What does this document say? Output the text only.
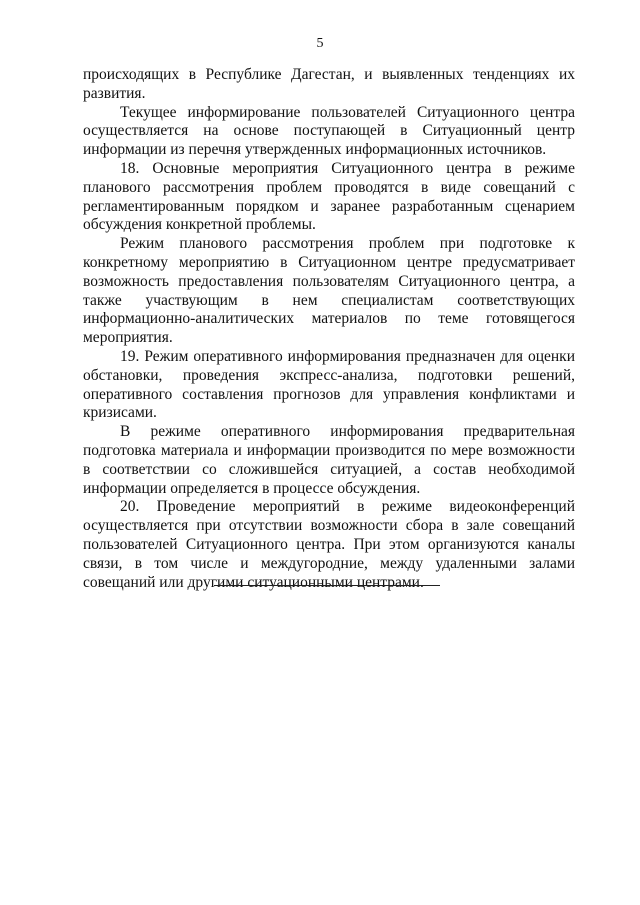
5

происходящих в Республике Дагестан, и выявленных тенденциях их развития.

Текущее информирование пользователей Ситуационного центра осуществляется на основе поступающей в Ситуационный центр информации из перечня утвержденных информационных источников.

18. Основные мероприятия Ситуационного центра в режиме планового рассмотрения проблем проводятся в виде совещаний с регламентированным порядком и заранее разработанным сценарием обсуждения конкретной проблемы.

Режим планового рассмотрения проблем при подготовке к конкретному мероприятию в Ситуационном центре предусматривает возможность предоставления пользователям Ситуационного центра, а также участвующим в нем специалистам соответствующих информационно-аналитических материалов по теме готовящегося мероприятия.

19. Режим оперативного информирования предназначен для оценки обстановки, проведения экспресс-анализа, подготовки решений, оперативного составления прогнозов для управления конфликтами и кризисами.

В режиме оперативного информирования предварительная подготовка материала и информации производится по мере возможности в соответствии со сложившейся ситуацией, а состав необходимой информации определяется в процессе обсуждения.

20. Проведение мероприятий в режиме видеоконференций осуществляется при отсутствии возможности сбора в зале совещаний пользователей Ситуационного центра. При этом организуются каналы связи, в том числе и междугородние, между удаленными залами совещаний или другими ситуационными центрами.
